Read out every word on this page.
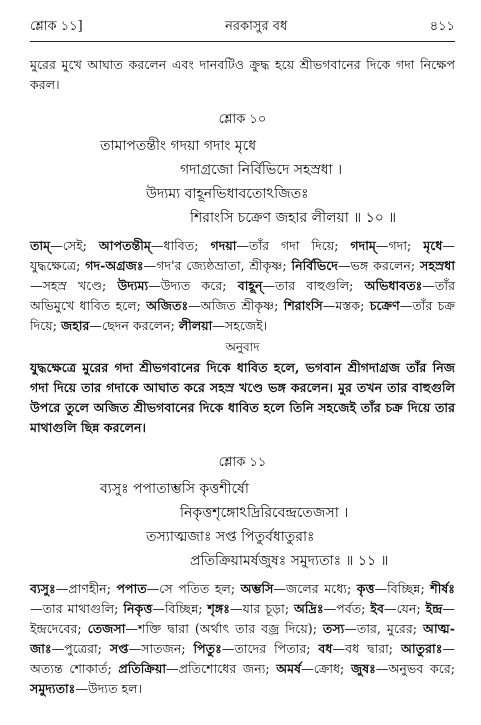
শ্লোক ১১]	নরকাসুর বধ	৪১১

মুরের মুখে আঘাত করলেন এবং দানবটিও ক্রুদ্ধ হয়ে শ্রীভগবানের দিকে গদা নিক্ষেপ করল।

শ্লোক ১০

তামাপতন্তীং গদয়া গদাং মৃধে

গদাগ্রজো নির্বিভিদে সহস্রধা ।

উদ্যম্য বাহূনভিধাবতোঽজিতঃ

শিরাংসি চক্রেণ জহার লীলয়া ॥ ১০ ॥

তাম্—সেই; আপতন্তীম্—ধাবিত; গদয়া—তাঁর গদা দিয়ে; গদাম্—গদা; মৃধে—যুদ্ধক্ষেত্রে; গদ-অগ্রজঃ—গদ'র জ্যেষ্ঠভ্রাতা, শ্রীকৃষ্ণ; নির্বিভিদে—ভঙ্গ করলেন; সহস্রধা—সহস্র খণ্ডে; উদ্যম্য—উদ্যত করে; বাহূন্—তার বাহুগুলি; অভিধাবতঃ—তাঁর অভিমুখে ধাবিত হলে; অজিতঃ—অজিত শ্রীকৃষ্ণ; শিরাংসি—মস্তক; চক্রেণ—তাঁর চক্র দিয়ে; জহার—ছেদন করলেন; লীলয়া—সহজেই।

অনুবাদ

যুদ্ধক্ষেত্রে মুরের গদা শ্রীভগবানের দিকে ধাবিত হলে, ভগবান শ্রীগদাগ্রজ তাঁর নিজ গদা দিয়ে তার গদাকে আঘাত করে সহস্র খণ্ডে ভঙ্গ করলেন। মুর তখন তার বাহুগুলি উপরে তুলে অজিত শ্রীভগবানের দিকে ধাবিত হলে তিনি সহজেই তাঁর চক্র দিয়ে তার মাথাগুলি ছিন্ন করলেন।

শ্লোক ১১

ব্যসুঃ পপাতাম্ভসি কৃত্তশীর্ষো

নিকৃত্তশৃঙ্গোঽদ্রিরিবেন্দ্রতেজসা ।

তস্যাত্মজাঃ সপ্ত পিতুর্বধাতুরাঃ

প্রতিক্রিয়ামর্ষজুষঃ সমুদ্যতাঃ ॥ ১১ ॥

ব্যসুঃ—প্রাণহীন; পপাত—সে পতিত হল; অম্ভসি—জলের মধ্যে; কৃত্ত—বিচ্ছিন্ন; শীর্ষঃ—তার মাথাগুলি; নিকৃত্ত—বিচ্ছিন্ন; শৃঙ্গঃ—যার চূড়া; অদ্রিঃ—পর্বত; ইব—যেন; ইন্দ্র—ইন্দ্রদেবের; তেজসা—শক্তি দ্বারা (অর্থাৎ তার বজ্র দিয়ে); তস্য—তার, মুরের; আত্ম-জাঃ—পুত্রেরা; সপ্ত—সাতজন; পিতুঃ—তাদের পিতার; বধ—বধ দ্বারা; আতুরাঃ—অত্যন্ত শোকার্ত; প্রতিক্রিয়া—প্রতিশোধের জন্য; অমর্ষ—ক্রোধ; জুষঃ—অনুভব করে; সমুদ্যতাঃ—উদ্যত হল।
